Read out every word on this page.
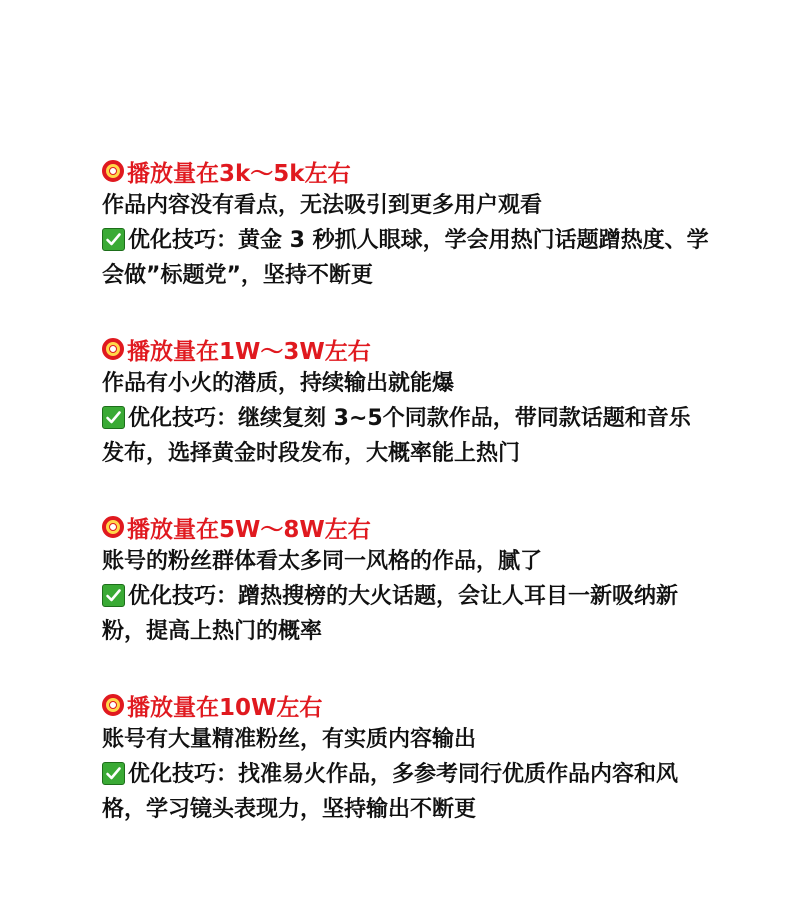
播放量在3k～5k左右
作品内容没有看点，无法吸引到更多用户观看
优化技巧：黄金 3 秒抓人眼球，学会用热门话题蹭热度、学会做”标题党”，坚持不断更
播放量在1W～3W左右
作品有小火的潜质，持续输出就能爆
优化技巧：继续复刻 3~5个同款作品，带同款话题和音乐发布，选择黄金时段发布，大概率能上热门
播放量在5W～8W左右
账号的粉丝群体看太多同一风格的作品，腻了
优化技巧：蹭热搜榜的大火话题，会让人耳目一新吸纳新粉，提高上热门的概率
播放量在10W左右
账号有大量精准粉丝，有实质内容输出
优化技巧：找准易火作品，多参考同行优质作品内容和风格，学习镜头表现力，坚持输出不断更
